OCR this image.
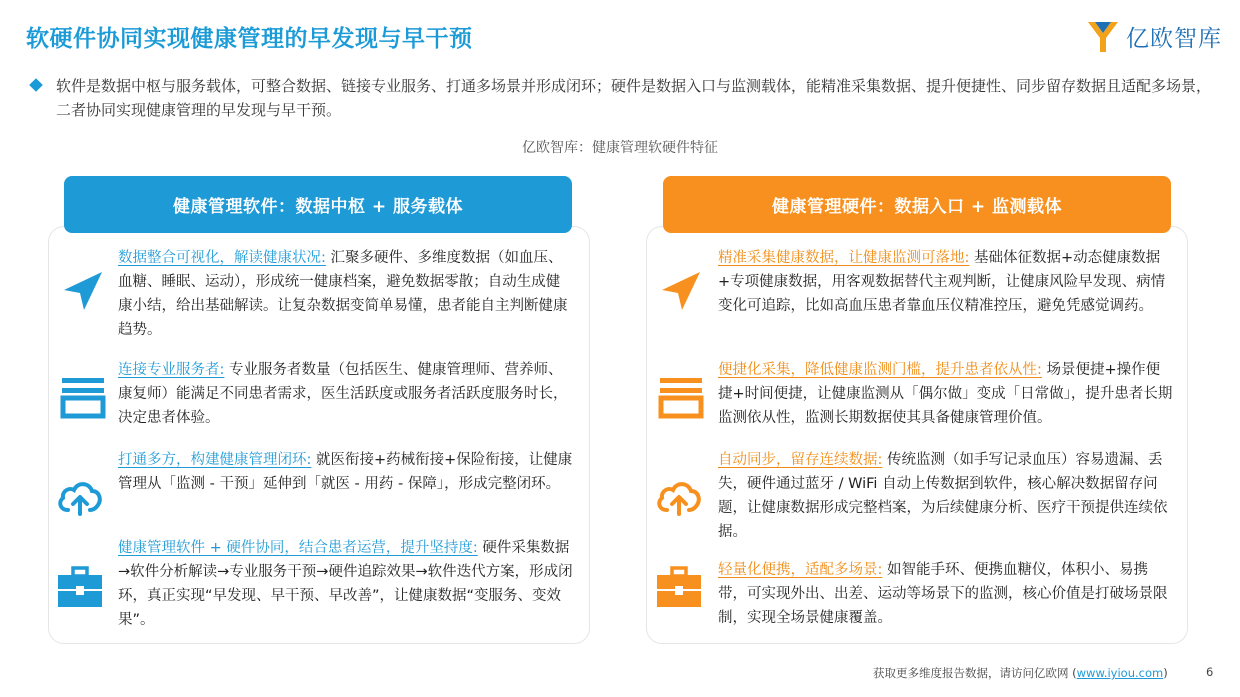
软硬件协同实现健康管理的早发现与早干预	亿欧智库
软件是数据中枢与服务载体，可整合数据、链接专业服务、打通多场景并形成闭环；硬件是数据入口与监测载体，能精准采集数据、提升便捷性、同步留存数据且适配多场景，二者协同实现健康管理的早发现与早干预。
亿欧智库：健康管理软硬件特征
健康管理软件：数据中枢 + 服务载体	健康管理硬件：数据入口 + 监测载体
数据整合可视化，解读健康状况: 汇聚多硬件、多维度数据（如血压、血糖、睡眠、运动），形成统一健康档案，避免数据零散；自动生成健康小结，给出基础解读。让复杂数据变简单易懂，患者能自主判断健康趋势。
连接专业服务者: 专业服务者数量（包括医生、健康管理师、营养师、康复师）能满足不同患者需求，医生活跃度或服务者活跃度服务时长，决定患者体验。
打通多方，构建健康管理闭环: 就医衔接+药械衔接+保险衔接，让健康管理从「监测 - 干预」延伸到「就医 - 用药 - 保障」，形成完整闭环。
健康管理软件 + 硬件协同，结合患者运营，提升坚持度: 硬件采集数据→软件分析解读→专业服务干预→硬件追踪效果→软件迭代方案，形成闭环，真正实现“早发现、早干预、早改善”，让健康数据“变服务、变效果”。
精准采集健康数据，让健康监测可落地: 基础体征数据+动态健康数据+专项健康数据，用客观数据替代主观判断，让健康风险早发现、病情变化可追踪，比如高血压患者靠血压仪精准控压，避免凭感觉调药。
便捷化采集，降低健康监测门槛，提升患者依从性: 场景便捷+操作便捷+时间便捷，让健康监测从「偶尔做」变成「日常做」，提升患者长期监测依从性，监测长期数据使其具备健康管理价值。
自动同步，留存连续数据: 传统监测（如手写记录血压）容易遗漏、丢失，硬件通过蓝牙 / WiFi 自动上传数据到软件，核心解决数据留存问题，让健康数据形成完整档案，为后续健康分析、医疗干预提供连续依据。
轻量化便携，适配多场景: 如智能手环、便携血糖仪，体积小、易携带，可实现外出、出差、运动等场景下的监测，核心价值是打破场景限制，实现全场景健康覆盖。
获取更多维度报告数据，请访问亿欧网 (www.iyiou.com)	6
